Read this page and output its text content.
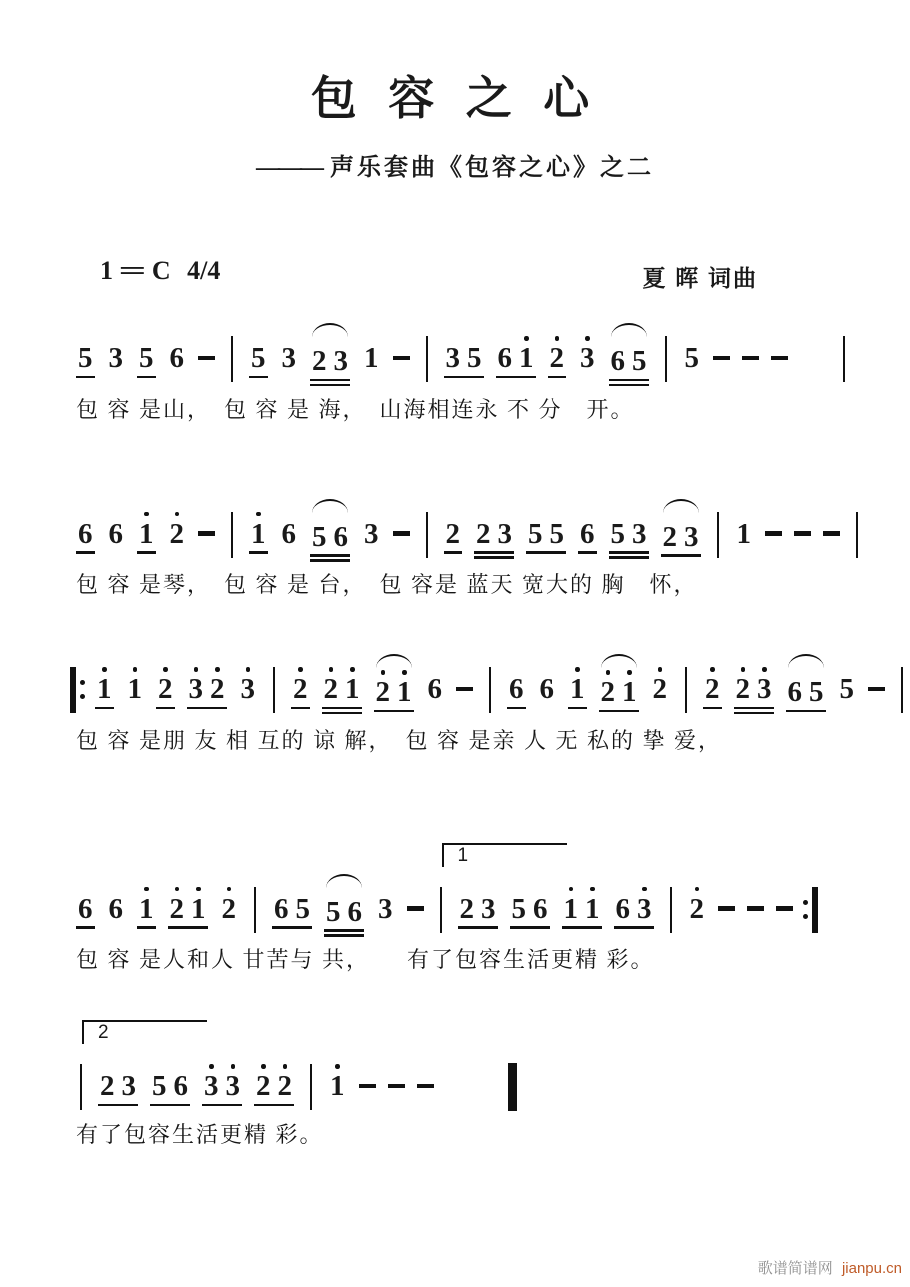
包 容 之 心
——— 声乐套曲《包容之心》之二
1 = C 4/4	夏 晖 词曲
5 3 5 6 5 3 2 3 1 3 5 6 1 2 3 6 5 5
包 容 是山，　包 容 是 海，　山海相连永 不 分　开。
6 6 1 2 1 6 5 6 3 2 2 3 5 5 6 5 3 2 3 1
包 容 是琴，　包 容 是 台，　包 容是 蓝天 宽大的 胸　怀，
1 1 2 3 2 3 2 2 1 2 1 6 6 6 1 2 1 2 2 2 3 6 5 5
包 容 是朋 友 相 互的 谅 解，　包 容 是亲 人 无 私的 挚 爱，
6 6 1 2 1 2 6 5 5 6 3
1
2 3 5 6 1 1 6 3 2
包 容 是人和人 甘苦与 共，　　有了包容生活更精 彩。
2
2 3 5 6 3 3 2 2 1
有了包容生活更精 彩。
歌谱简谱网 jianpu.cn
